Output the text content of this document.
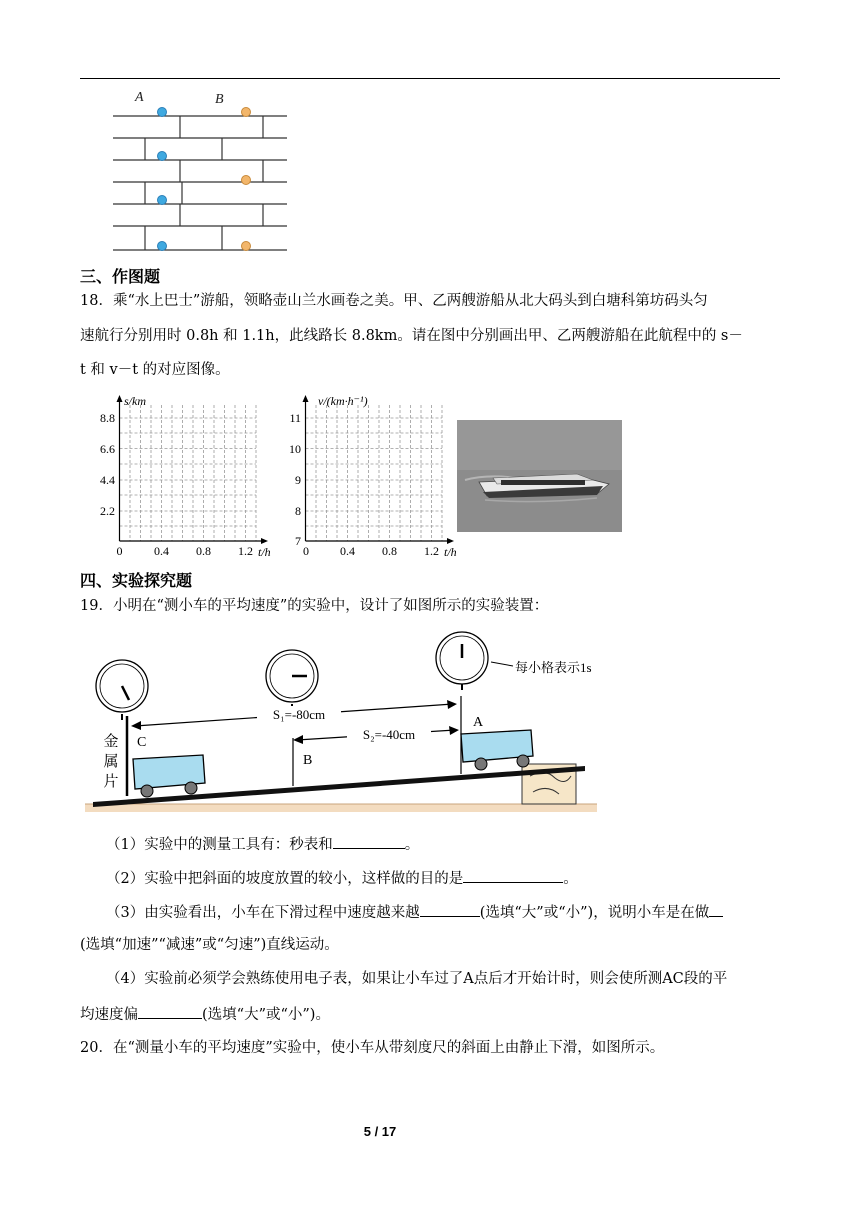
A	B
三、作图题
18．乘“水上巴士”游船，领略壶山兰水画卷之美。甲、乙两艘游船从北大码头到白塘科第坊码头匀
速航行分别用时 0.8h 和 1.1h，此线路长 8.8km。请在图中分别画出甲、乙两艘游船在此航程中的 s－
t 和 v－t 的对应图像。
s/km
8.8
6.6
4.4
2.2
0	0.4 0.8 1.2 t/h
v/(km·h⁻¹)
11
10
9
8
7
0	0.4 0.8 1.2 t/h
四、实验探究题
19．小明在“测小车的平均速度”的实验中，设计了如图所示的实验装置：
每小格表示1s
S₁=-80cm
S₂=-40cm
A
B
C
金
属
片
（1）实验中的测量工具有：秒表和	。
（2）实验中把斜面的坡度放置的较小，这样做的目的是	。
（3）由实验看出，小车在下滑过程中速度越来越	(选填“大”或“小”)，说明小车是在做
(选填“加速”“减速”或“匀速”)直线运动。
（4）实验前必须学会熟练使用电子表，如果让小车过了A点后才开始计时，则会使所测AC段的平
均速度偏	(选填“大”或“小”)。
20．在“测量小车的平均速度”实验中，使小车从带刻度尺的斜面上由静止下滑，如图所示。
5 / 17
